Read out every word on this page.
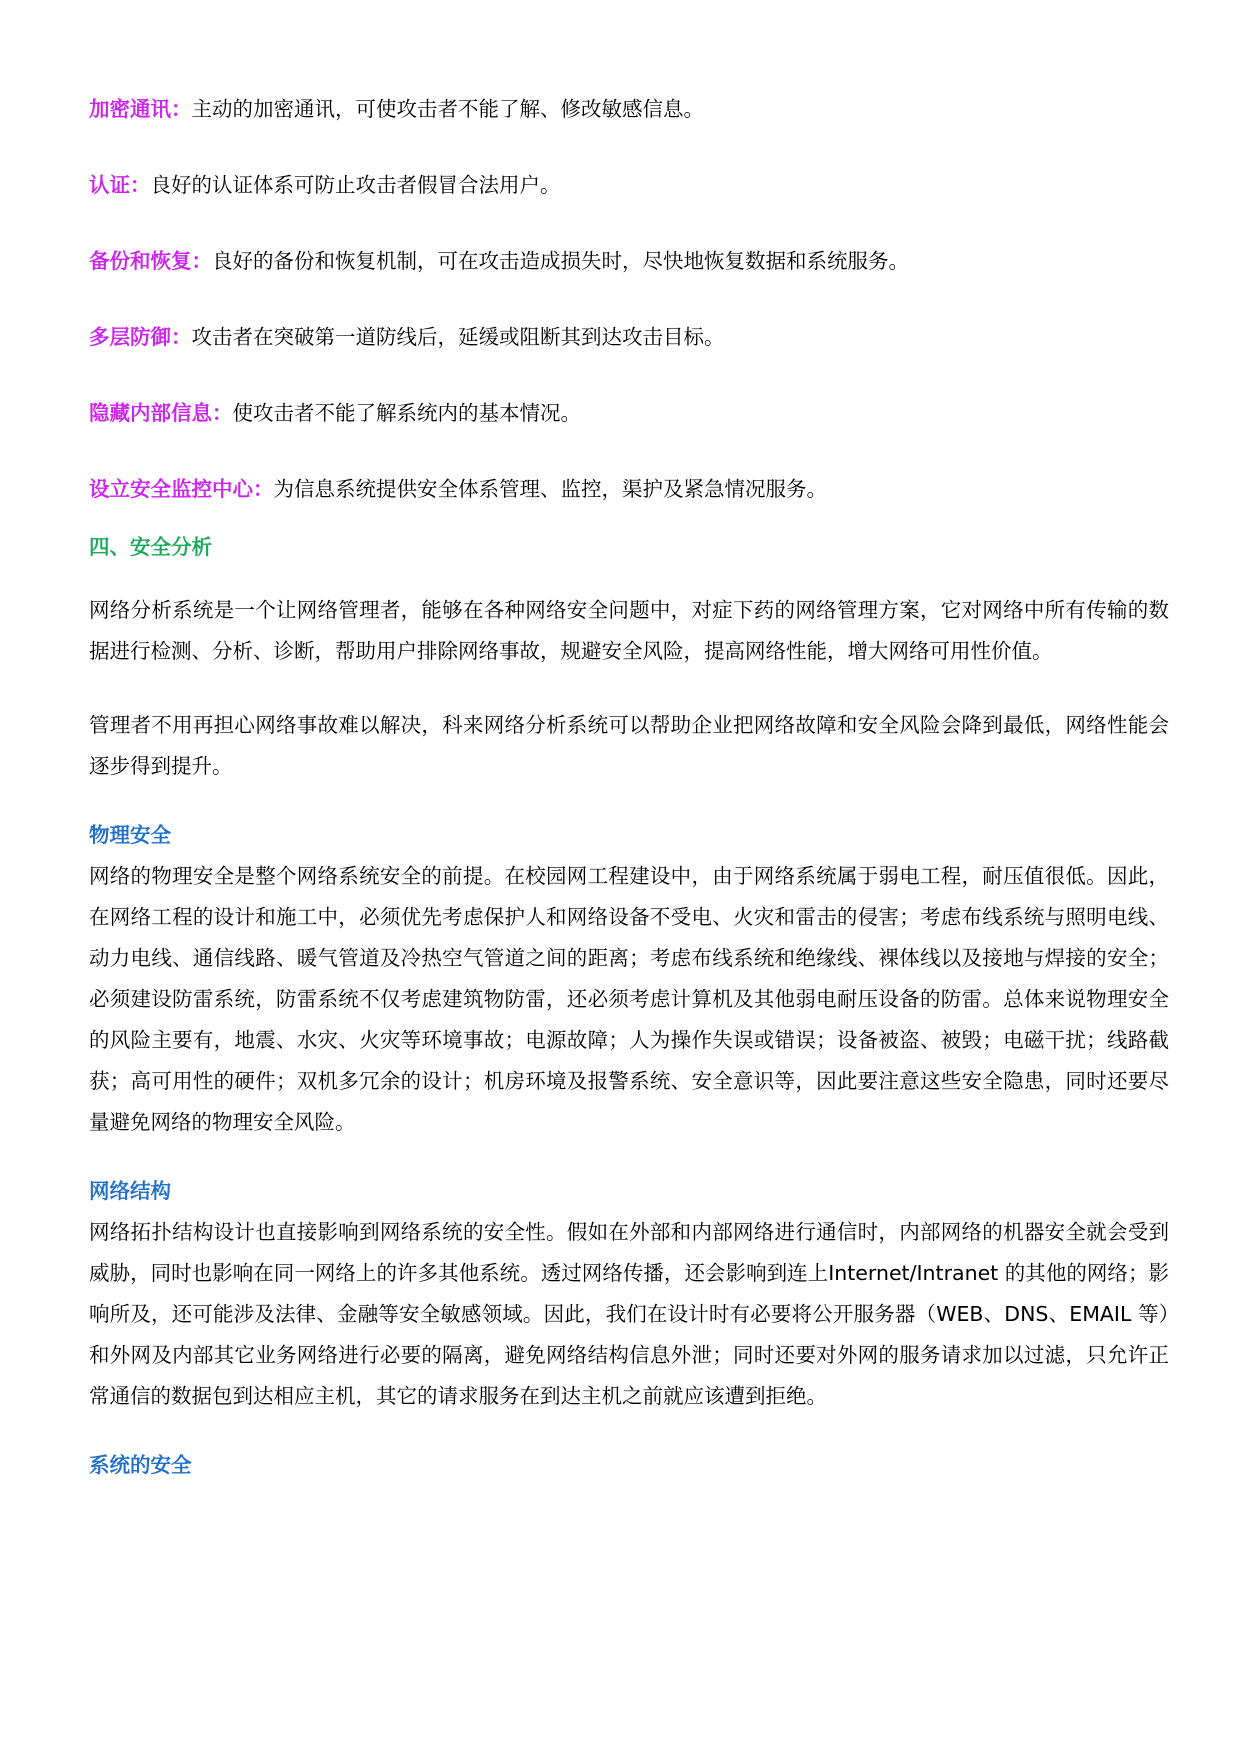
加密通讯：主动的加密通讯，可使攻击者不能了解、修改敏感信息。

认证：良好的认证体系可防止攻击者假冒合法用户。

备份和恢复：良好的备份和恢复机制，可在攻击造成损失时，尽快地恢复数据和系统服务。

多层防御：攻击者在突破第一道防线后，延缓或阻断其到达攻击目标。

隐藏内部信息：使攻击者不能了解系统内的基本情况。

设立安全监控中心：为信息系统提供安全体系管理、监控，渠护及紧急情况服务。

四、安全分析

网络分析系统是一个让网络管理者，能够在各种网络安全问题中，对症下药的网络管理方案，它对网络中所有传输的数据进行检测、分析、诊断，帮助用户排除网络事故，规避安全风险，提高网络性能，增大网络可用性价值。

管理者不用再担心网络事故难以解决，科来网络分析系统可以帮助企业把网络故障和安全风险会降到最低，网络性能会逐步得到提升。

物理安全

网络的物理安全是整个网络系统安全的前提。在校园网工程建设中，由于网络系统属于弱电工程，耐压值很低。因此，在网络工程的设计和施工中，必须优先考虑保护人和网络设备不受电、火灾和雷击的侵害；考虑布线系统与照明电线、动力电线、通信线路、暖气管道及冷热空气管道之间的距离；考虑布线系统和绝缘线、裸体线以及接地与焊接的安全；必须建设防雷系统，防雷系统不仅考虑建筑物防雷，还必须考虑计算机及其他弱电耐压设备的防雷。总体来说物理安全的风险主要有，地震、水灾、火灾等环境事故；电源故障；人为操作失误或错误；设备被盗、被毁；电磁干扰；线路截获；高可用性的硬件；双机多冗余的设计；机房环境及报警系统、安全意识等，因此要注意这些安全隐患，同时还要尽量避免网络的物理安全风险。

网络结构

网络拓扑结构设计也直接影响到网络系统的安全性。假如在外部和内部网络进行通信时，内部网络的机器安全就会受到威胁，同时也影响在同一网络上的许多其他系统。透过网络传播，还会影响到连上Internet/Intranet 的其他的网络；影响所及，还可能涉及法律、金融等安全敏感领域。因此，我们在设计时有必要将公开服务器（WEB、DNS、EMAIL 等）和外网及内部其它业务网络进行必要的隔离，避免网络结构信息外泄；同时还要对外网的服务请求加以过滤，只允许正常通信的数据包到达相应主机，其它的请求服务在到达主机之前就应该遭到拒绝。

系统的安全
